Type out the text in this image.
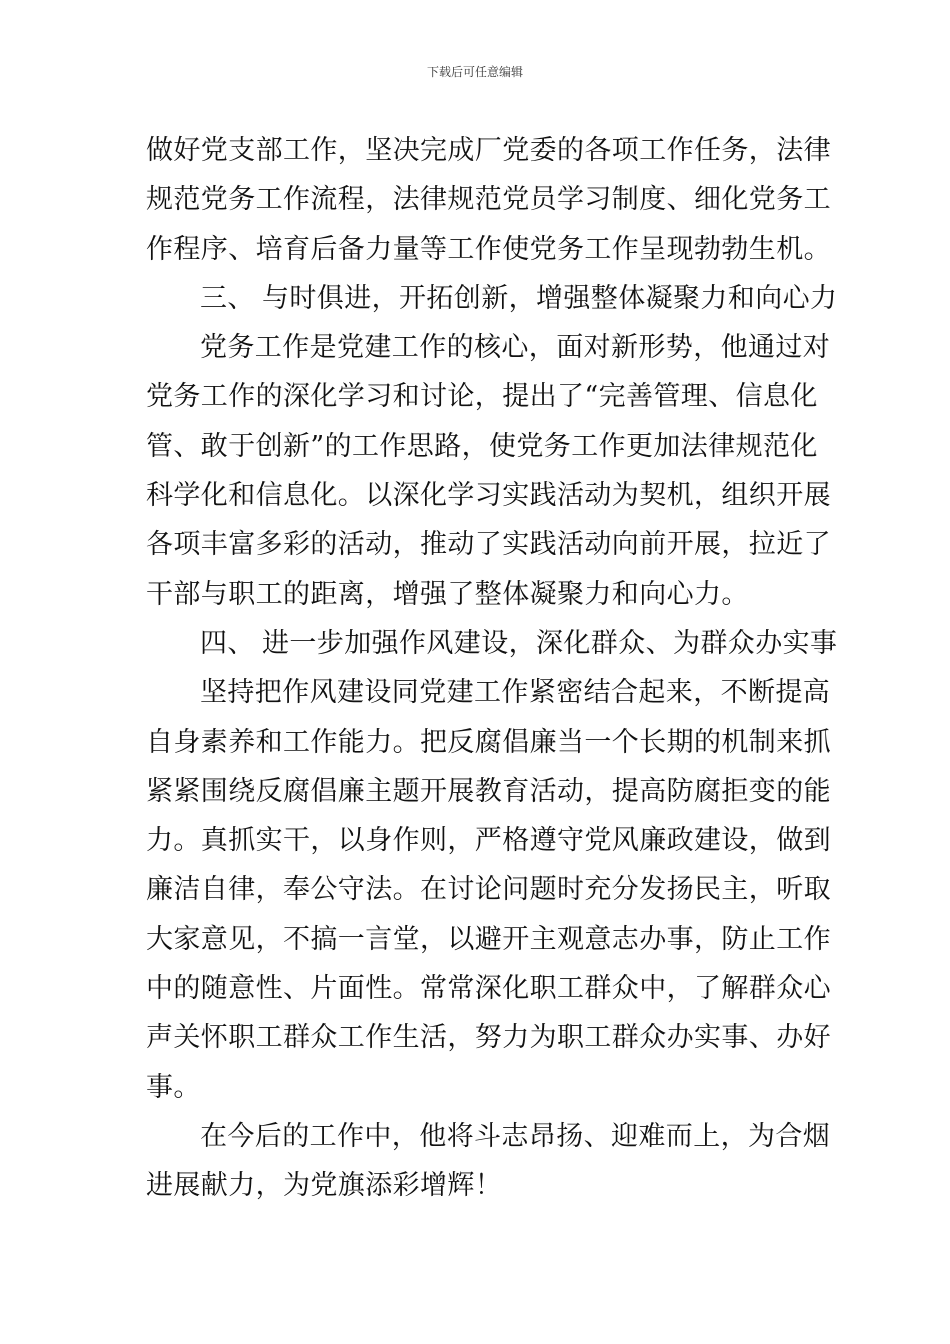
下载后可任意编辑
做好党支部工作，坚决完成厂党委的各项工作任务，法律
规范党务工作流程，法律规范党员学习制度、细化党务工
作程序、培育后备力量等工作使党务工作呈现勃勃生机。
三、 与时俱进，开拓创新，增强整体凝聚力和向心力
党务工作是党建工作的核心，面对新形势，他通过对
党务工作的深化学习和讨论，提出了“完善管理、信息化
管、敢于创新”的工作思路，使党务工作更加法律规范化
科学化和信息化。以深化学习实践活动为契机，组织开展
各项丰富多彩的活动，推动了实践活动向前开展，拉近了
干部与职工的距离，增强了整体凝聚力和向心力。
四、 进一步加强作风建设，深化群众、为群众办实事
坚持把作风建设同党建工作紧密结合起来，不断提高
自身素养和工作能力。把反腐倡廉当一个长期的机制来抓
紧紧围绕反腐倡廉主题开展教育活动，提高防腐拒变的能
力。真抓实干，以身作则，严格遵守党风廉政建设，做到
廉洁自律，奉公守法。在讨论问题时充分发扬民主，听取
大家意见，不搞一言堂，以避开主观意志办事，防止工作
中的随意性、片面性。常常深化职工群众中，了解群众心
声关怀职工群众工作生活，努力为职工群众办实事、办好
事。
在今后的工作中，他将斗志昂扬、迎难而上，为合烟
进展献力，为党旗添彩增辉！
